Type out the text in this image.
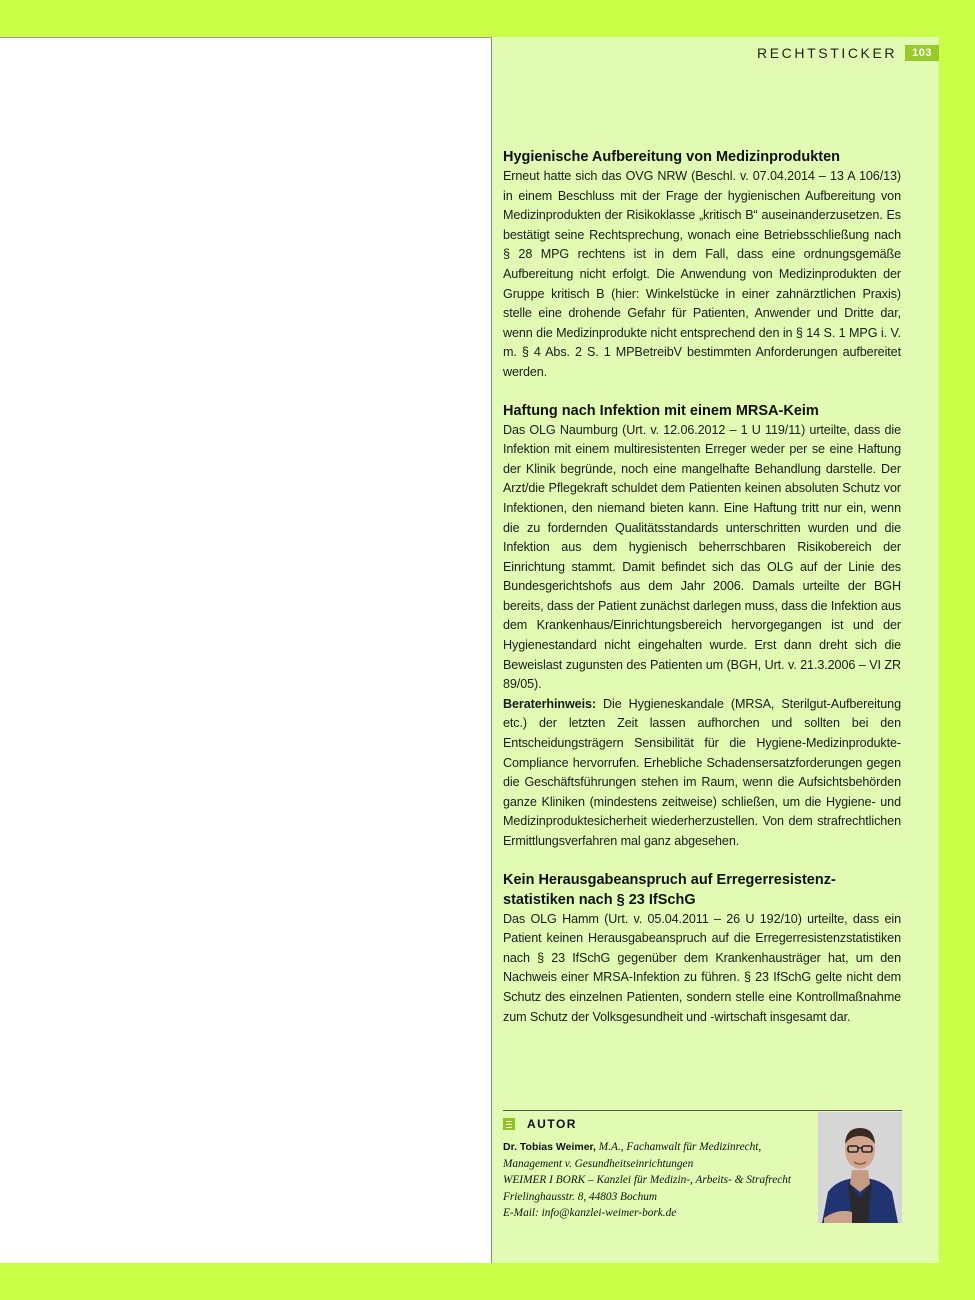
RECHTSTICKER	103
Hygienische Aufbereitung von Medizinprodukten

Erneut hatte sich das OVG NRW (Beschl. v. 07.04.2014 – 13 A 106/13) in einem Beschluss mit der Frage der hygienischen Aufbereitung von Medizinprodukten der Risikoklasse „kritisch B“ auseinanderzusetzen. Es bestätigt seine Rechtsprechung, wonach eine Betriebsschließung nach § 28 MPG rechtens ist in dem Fall, dass eine ordnungsgemäße Aufbereitung nicht erfolgt. Die Anwendung von Medizinprodukten der Gruppe kritisch B (hier: Winkelstücke in einer zahnärztlichen Praxis) stelle eine drohende Gefahr für Patienten, Anwender und Dritte dar, wenn die Medizinprodukte nicht entsprechend den in § 14 S. 1 MPG i. V. m. § 4 Abs. 2 S. 1 MPBetreibV bestimmten Anforderungen aufbereitet werden.

Haftung nach Infektion mit einem MRSA-Keim

Das OLG Naumburg (Urt. v. 12.06.2012 – 1 U 119/11) urteilte, dass die Infektion mit einem multiresistenten Erreger weder per se eine Haftung der Klinik begründe, noch eine mangelhafte Behandlung darstelle. Der Arzt/die Pflegekraft schuldet dem Patienten keinen absoluten Schutz vor Infektionen, den niemand bieten kann. Eine Haftung tritt nur ein, wenn die zu fordernden Qualitätsstandards unterschritten wurden und die Infektion aus dem hygienisch beherrschbaren Risikobereich der Einrichtung stammt. Damit befindet sich das OLG auf der Linie des Bundesgerichtshofs aus dem Jahr 2006. Damals urteilte der BGH bereits, dass der Patient zunächst darlegen muss, dass die Infektion aus dem Krankenhaus/Einrichtungsbereich hervorgegangen ist und der Hygienestandard nicht eingehalten wurde. Erst dann dreht sich die Beweislast zugunsten des Patienten um (BGH, Urt. v. 21.3.2006 – VI ZR 89/05).

Beraterhinweis: Die Hygieneskandale (MRSA, Sterilgut-Aufbereitung etc.) der letzten Zeit lassen aufhorchen und sollten bei den Entscheidungsträgern Sensibilität für die Hygiene-Medizinprodukte-Compliance hervorrufen. Erhebliche Schadensersatzforderungen gegen die Geschäftsführungen stehen im Raum, wenn die Aufsichtsbehörden ganze Kliniken (mindestens zeitweise) schließen, um die Hygiene- und Medizinproduktesicherheit wiederherzustellen. Von dem strafrechtlichen Ermittlungsverfahren mal ganz abgesehen.

Kein Herausgabeanspruch auf Erregerresistenz-statistiken nach § 23 IfSchG

Das OLG Hamm (Urt. v. 05.04.2011 – 26 U 192/10) urteilte, dass ein Patient keinen Herausgabeanspruch auf die Erregerresistenzstatistiken nach § 23 IfSchG gegenüber dem Krankenhausträger hat, um den Nachweis einer MRSA-Infektion zu führen. § 23 IfSchG gelte nicht dem Schutz des einzelnen Patienten, sondern stelle eine Kontrollmaßnahme zum Schutz der Volksgesundheit und -wirtschaft insgesamt dar.

AUTOR
Dr. Tobias Weimer, M.A., Fachanwalt für Medizinrecht,
Management v. Gesundheitseinrichtungen
WEIMER I BORK – Kanzlei für Medizin-, Arbeits- & Strafrecht
Frielinghausstr. 8, 44803 Bochum
E-Mail: info@kanzlei-weimer-bork.de
